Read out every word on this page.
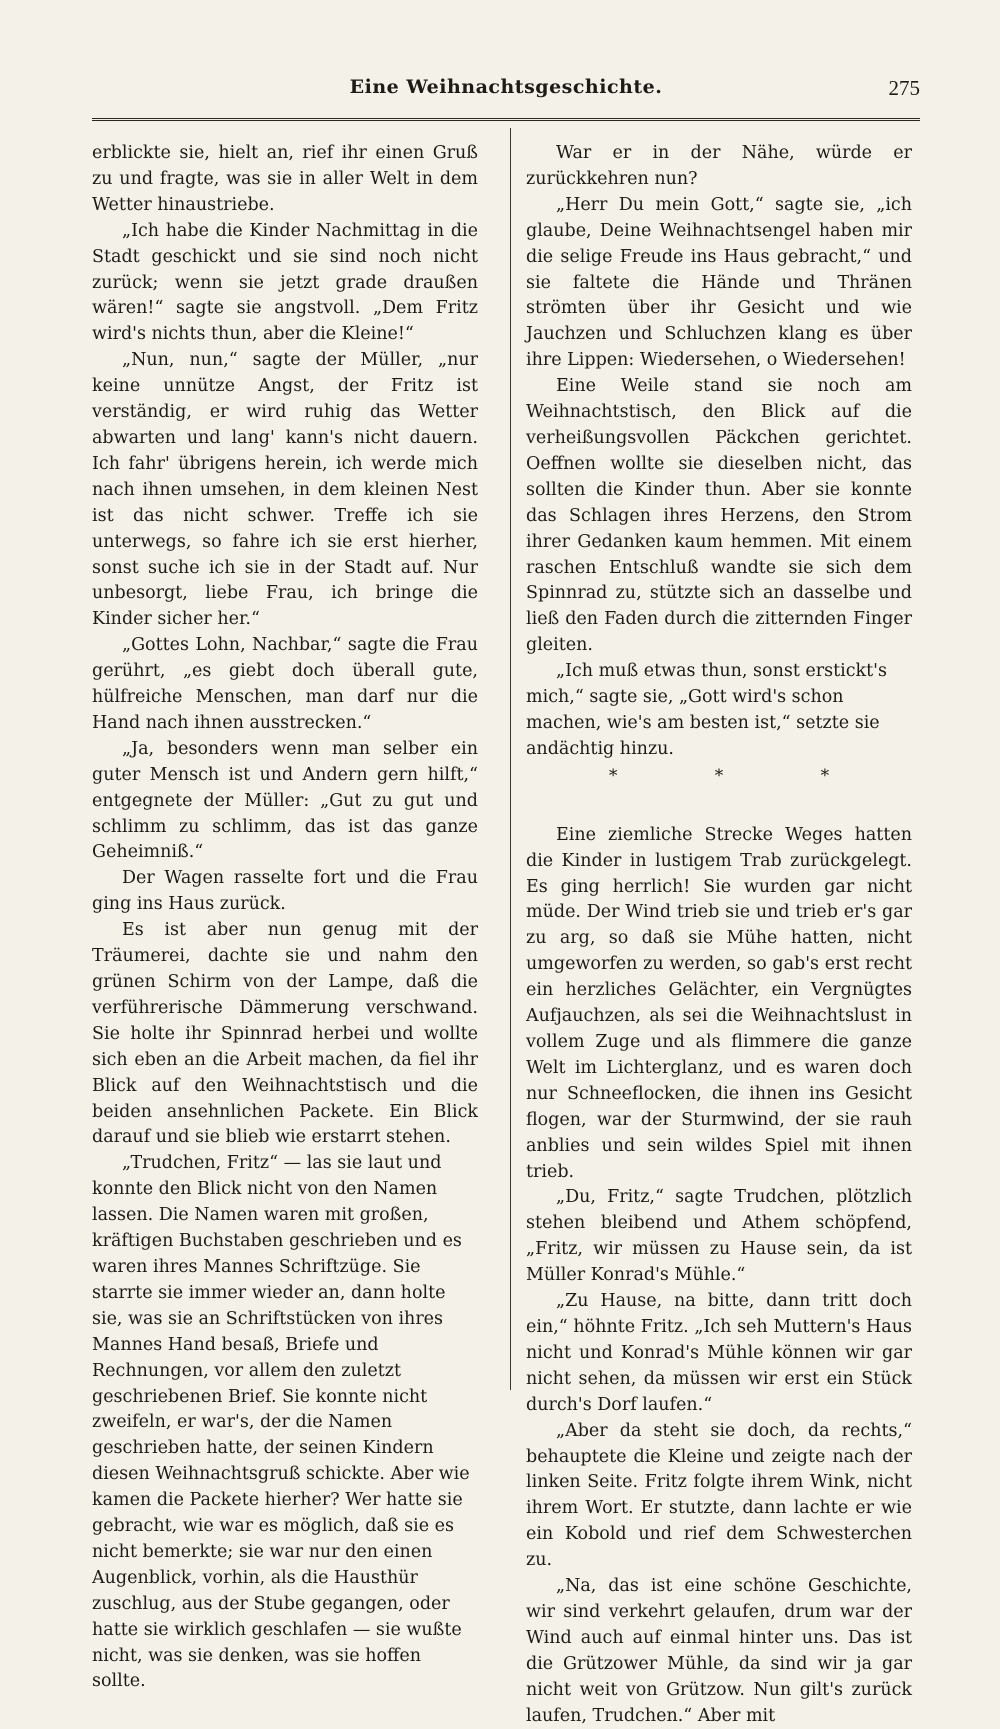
Eine Weihnachtsgeschichte.	275

erblickte sie, hielt an, rief ihr einen Gruß zu und fragte, was sie in aller Welt in dem Wetter hinaustriebe.

„Ich habe die Kinder Nachmittag in die Stadt geschickt und sie sind noch nicht zurück; wenn sie jetzt grade draußen wären!“ sagte sie angstvoll. „Dem Fritz wird's nichts thun, aber die Kleine!“

„Nun, nun,“ sagte der Müller, „nur keine unnütze Angst, der Fritz ist verständig, er wird ruhig das Wetter abwarten und lang' kann's nicht dauern. Ich fahr' übrigens herein, ich werde mich nach ihnen umsehen, in dem kleinen Nest ist das nicht schwer. Treffe ich sie unterwegs, so fahre ich sie erst hierher, sonst suche ich sie in der Stadt auf. Nur unbesorgt, liebe Frau, ich bringe die Kinder sicher her.“

„Gottes Lohn, Nachbar,“ sagte die Frau gerührt, „es giebt doch überall gute, hülfreiche Menschen, man darf nur die Hand nach ihnen ausstrecken.“

„Ja, besonders wenn man selber ein guter Mensch ist und Andern gern hilft,“ entgegnete der Müller: „Gut zu gut und schlimm zu schlimm, das ist das ganze Geheimniß.“

Der Wagen rasselte fort und die Frau ging ins Haus zurück.

Es ist aber nun genug mit der Träumerei, dachte sie und nahm den grünen Schirm von der Lampe, daß die verführerische Dämmerung verschwand. Sie holte ihr Spinnrad herbei und wollte sich eben an die Arbeit machen, da fiel ihr Blick auf den Weihnachtstisch und die beiden ansehnlichen Packete. Ein Blick darauf und sie blieb wie erstarrt stehen.

„Trudchen, Fritz“ — las sie laut und konnte den Blick nicht von den Namen lassen. Die Namen waren mit großen, kräftigen Buchstaben geschrieben und es waren ihres Mannes Schriftzüge. Sie starrte sie immer wieder an, dann holte sie, was sie an Schriftstücken von ihres Mannes Hand besaß, Briefe und Rechnungen, vor allem den zuletzt geschriebenen Brief. Sie konnte nicht zweifeln, er war's, der die Namen geschrieben hatte, der seinen Kindern diesen Weihnachtsgruß schickte. Aber wie kamen die Packete hierher? Wer hatte sie gebracht, wie war es möglich, daß sie es nicht bemerkte; sie war nur den einen Augenblick, vorhin, als die Hausthür zuschlug, aus der Stube gegangen, oder hatte sie wirklich geschlafen — sie wußte nicht, was sie denken, was sie hoffen sollte.

War er in der Nähe, würde er zurückkehren nun?

„Herr Du mein Gott,“ sagte sie, „ich glaube, Deine Weihnachtsengel haben mir die selige Freude ins Haus gebracht,“ und sie faltete die Hände und Thränen strömten über ihr Gesicht und wie Jauchzen und Schluchzen klang es über ihre Lippen: Wiedersehen, o Wiedersehen!

Eine Weile stand sie noch am Weihnachtstisch, den Blick auf die verheißungsvollen Päckchen gerichtet. Oeffnen wollte sie dieselben nicht, das sollten die Kinder thun. Aber sie konnte das Schlagen ihres Herzens, den Strom ihrer Gedanken kaum hemmen. Mit einem raschen Entschluß wandte sie sich dem Spinnrad zu, stützte sich an dasselbe und ließ den Faden durch die zitternden Finger gleiten.

„Ich muß etwas thun, sonst erstickt's mich,“ sagte sie, „Gott wird's schon machen, wie's am besten ist,“ setzte sie andächtig hinzu.

* * *

Eine ziemliche Strecke Weges hatten die Kinder in lustigem Trab zurückgelegt. Es ging herrlich! Sie wurden gar nicht müde. Der Wind trieb sie und trieb er's gar zu arg, so daß sie Mühe hatten, nicht umgeworfen zu werden, so gab's erst recht ein herzliches Gelächter, ein Vergnügtes Aufjauchzen, als sei die Weihnachtslust in vollem Zuge und als flimmere die ganze Welt im Lichterglanz, und es waren doch nur Schneeflocken, die ihnen ins Gesicht flogen, war der Sturmwind, der sie rauh anblies und sein wildes Spiel mit ihnen trieb.

„Du, Fritz,“ sagte Trudchen, plötzlich stehen bleibend und Athem schöpfend, „Fritz, wir müssen zu Hause sein, da ist Müller Konrad's Mühle.“

„Zu Hause, na bitte, dann tritt doch ein,“ höhnte Fritz. „Ich seh Muttern's Haus nicht und Konrad's Mühle können wir gar nicht sehen, da müssen wir erst ein Stück durch's Dorf laufen.“

„Aber da steht sie doch, da rechts,“ behauptete die Kleine und zeigte nach der linken Seite. Fritz folgte ihrem Wink, nicht ihrem Wort. Er stutzte, dann lachte er wie ein Kobold und rief dem Schwesterchen zu.

„Na, das ist eine schöne Geschichte, wir sind verkehrt gelaufen, drum war der Wind auch auf einmal hinter uns. Das ist die Grützower Mühle, da sind wir ja gar nicht weit von Grützow. Nun gilt's zurück laufen, Trudchen.“ Aber mit
